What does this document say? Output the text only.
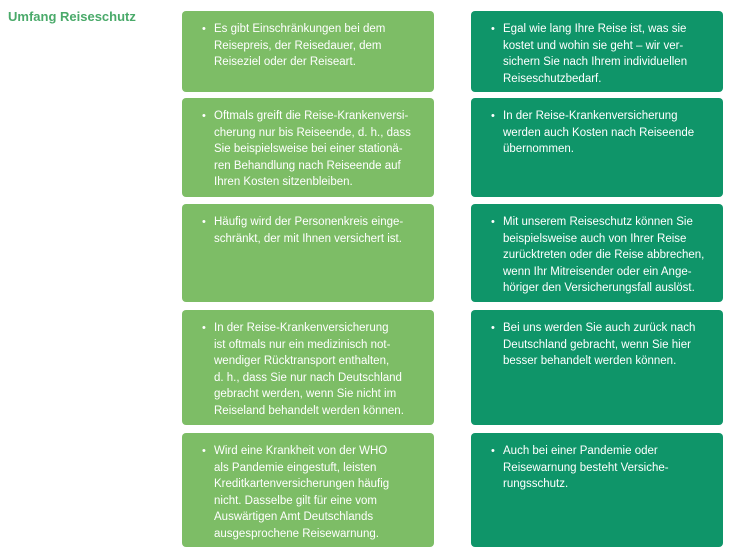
Umfang Reiseschutz
• Es gibt Einschränkungen bei dem
Reisepreis, der Reisedauer, dem
Reiseziel oder der Reiseart.
• Egal wie lang Ihre Reise ist, was sie
kostet und wohin sie geht – wir ver-
sichern Sie nach Ihrem individuellen
Reiseschutzbedarf.
• Oftmals greift die Reise-Krankenversi-
cherung nur bis Reiseende, d. h., dass
Sie beispielsweise bei einer stationä-
ren Behandlung nach Reiseende auf
Ihren Kosten sitzenbleiben.
• In der Reise-Krankenversicherung
werden auch Kosten nach Reiseende
übernommen.
• Häufig wird der Personenkreis einge-
schränkt, der mit Ihnen versichert ist.
• Mit unserem Reiseschutz können Sie
beispielsweise auch von Ihrer Reise
zurücktreten oder die Reise abbrechen,
wenn Ihr Mitreisender oder ein Ange-
höriger den Versicherungsfall auslöst.
• In der Reise-Krankenversicherung
ist oftmals nur ein medizinisch not-
wendiger Rücktransport enthalten,
d. h., dass Sie nur nach Deutschland
gebracht werden, wenn Sie nicht im
Reiseland behandelt werden können.
• Bei uns werden Sie auch zurück nach
Deutschland gebracht, wenn Sie hier
besser behandelt werden können.
• Wird eine Krankheit von der WHO
als Pandemie eingestuft, leisten
Kreditkartenversicherungen häufig
nicht. Dasselbe gilt für eine vom
Auswärtigen Amt Deutschlands
ausgesprochene Reisewarnung.
• Auch bei einer Pandemie oder
Reisewarnung besteht Versiche-
rungsschutz.
